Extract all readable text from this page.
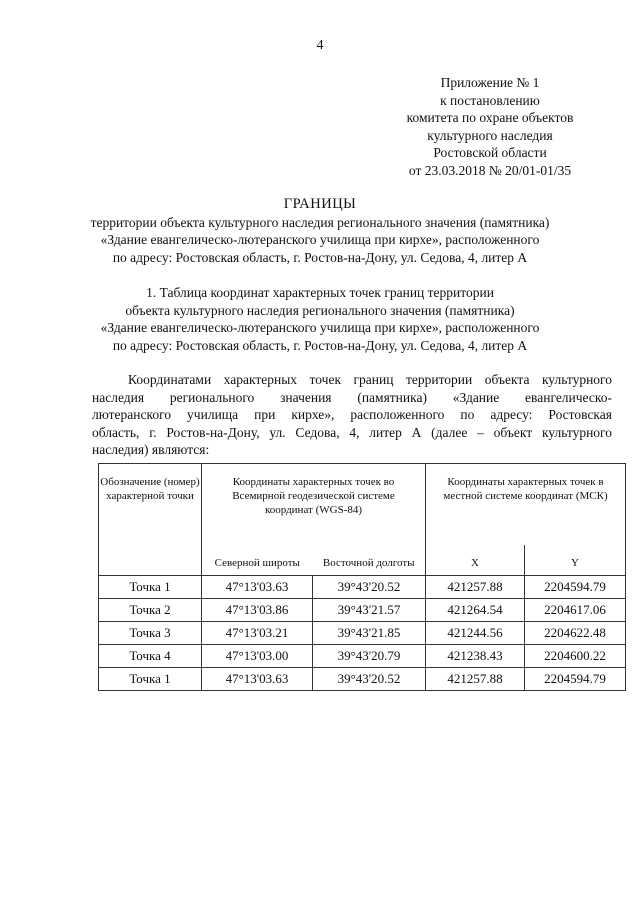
4
Приложение № 1
к постановлению
комитета по охране объектов
культурного наследия
Ростовской области
от 23.03.2018 № 20/01-01/35
ГРАНИЦЫ
территории объекта культурного наследия регионального значения (памятника)
«Здание евангелическо-лютеранского училища при кирхе», расположенного
по адресу: Ростовская область, г. Ростов-на-Дону, ул. Седова, 4, литер А
1. Таблица координат характерных точек границ территории
объекта культурного наследия регионального значения (памятника)
«Здание евангелическо-лютеранского училища при кирхе», расположенного
по адресу: Ростовская область, г. Ростов-на-Дону, ул. Седова, 4, литер А
Координатами характерных точек границ территории объекта культурного
наследия регионального значения (памятника) «Здание евангелическо-
лютеранского училища при кирхе», расположенного по адресу: Ростовская
область, г. Ростов-на-Дону, ул. Седова, 4, литер А (далее – объект культурного
наследия) являются:
Обозначение (номер) характерной точки	Координаты характерных точек во Всемирной геодезической системе координат (WGS-84)		Координаты характерных точек в местной системе координат (МСК)	
	Северной широты	Восточной долготы	X	Y
Точка 1	47°13'03.63	39°43'20.52	421257.88	2204594.79
Точка 2	47°13'03.86	39°43'21.57	421264.54	2204617.06
Точка 3	47°13'03.21	39°43'21.85	421244.56	2204622.48
Точка 4	47°13'03.00	39°43'20.79	421238.43	2204600.22
Точка 1	47°13'03.63	39°43'20.52	421257.88	2204594.79
